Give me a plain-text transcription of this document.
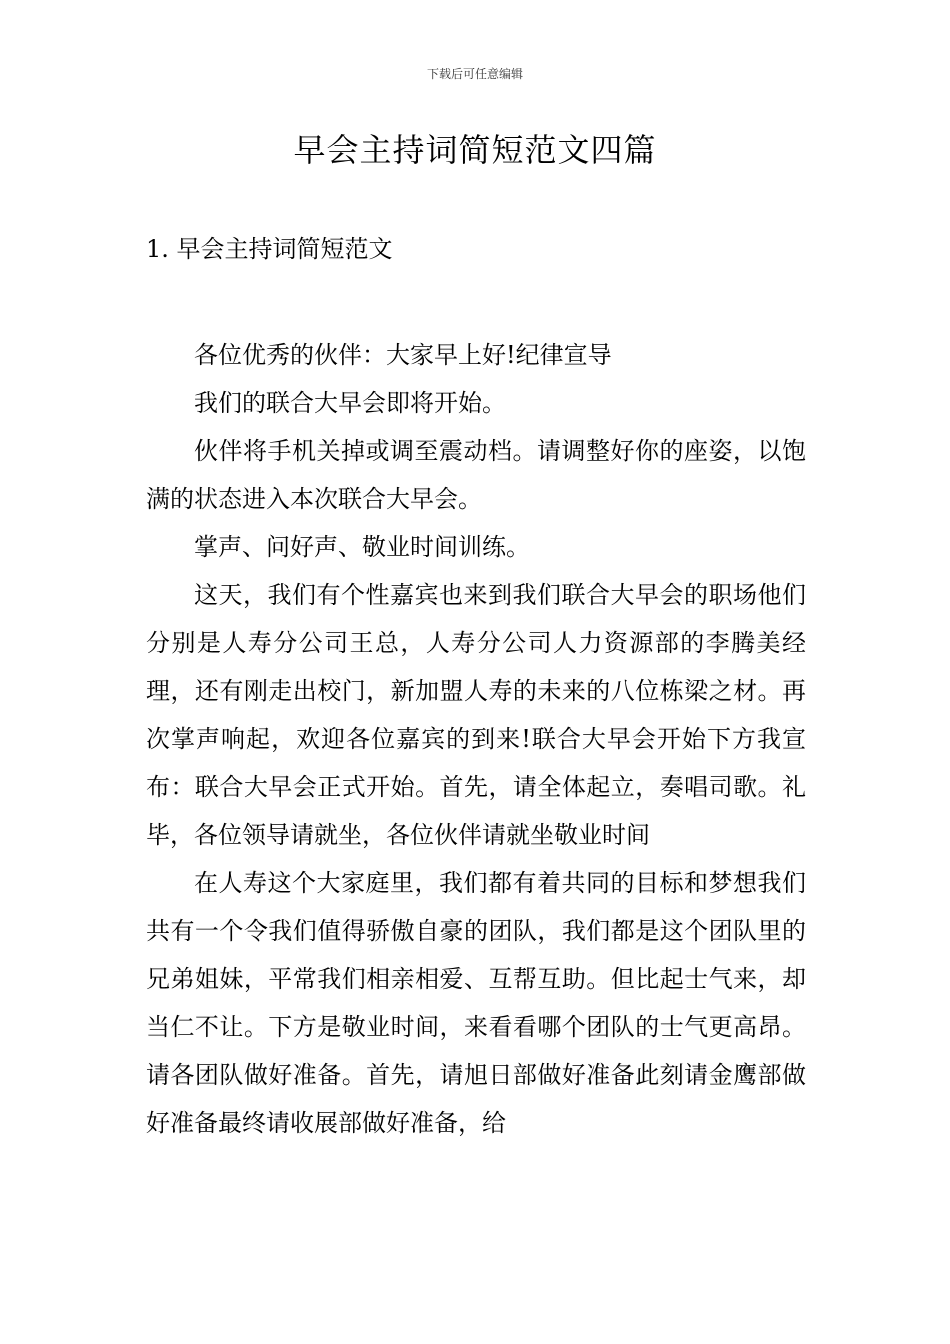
下载后可任意编辑
早会主持词简短范文四篇
1. 早会主持词简短范文

各位优秀的伙伴：大家早上好!纪律宣导

我们的联合大早会即将开始。

伙伴将手机关掉或调至震动档。请调整好你的座姿，以饱满的状态进入本次联合大早会。

掌声、问好声、敬业时间训练。

这天，我们有个性嘉宾也来到我们联合大早会的职场他们分别是人寿分公司王总，人寿分公司人力资源部的李腾美经理，还有刚走出校门，新加盟人寿的未来的八位栋梁之材。再次掌声响起，欢迎各位嘉宾的到来!联合大早会开始下方我宣布：联合大早会正式开始。首先，请全体起立，奏唱司歌。礼毕，各位领导请就坐，各位伙伴请就坐敬业时间

在人寿这个大家庭里，我们都有着共同的目标和梦想我们共有一个令我们值得骄傲自豪的团队，我们都是这个团队里的兄弟姐妹，平常我们相亲相爱、互帮互助。但比起士气来，却当仁不让。下方是敬业时间，来看看哪个团队的士气更高昂。请各团队做好准备。首先，请旭日部做好准备此刻请金鹰部做好准备最终请收展部做好准备，给
